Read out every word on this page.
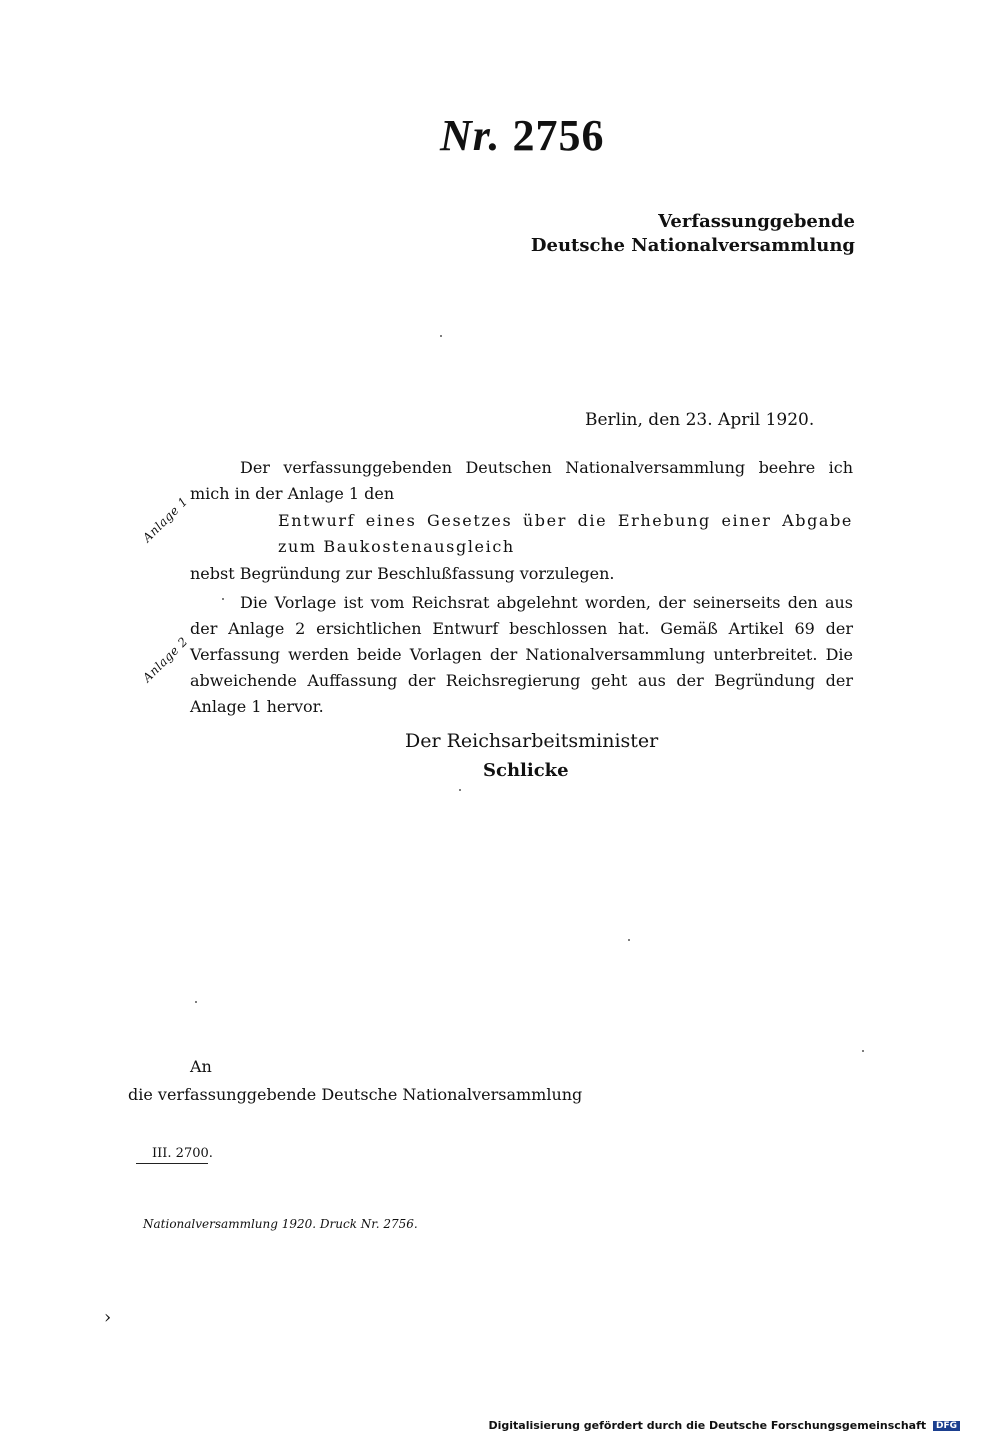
Nr. 2756
Verfassunggebende
Deutsche Nationalversammlung
Berlin, den 23. April 1920.
Der verfassunggebenden Deutschen Nationalversammlung beehre ich mich in der Anlage 1 den
Entwurf eines Gesetzes über die Erhebung einer Abgabe zum Baukostenausgleich
nebst Begründung zur Beschlußfassung vorzulegen.
Die Vorlage ist vom Reichsrat abgelehnt worden, der seinerseits den aus der Anlage 2 ersichtlichen Entwurf beschlossen hat. Gemäß Artikel 69 der Verfassung werden beide Vorlagen der Nationalversammlung unterbreitet. Die abweichende Auffassung der Reichsregierung geht aus der Begründung der Anlage 1 hervor.
Anlage 1
Anlage 2
Der Reichsarbeitsminister
Schlicke
An
die verfassunggebende Deutsche Nationalversammlung
III. 2700.
Nationalversammlung 1920. Druck Nr. 2756.
›
Digitalisierung gefördert durch die Deutsche Forschungsgemeinschaft DFG
